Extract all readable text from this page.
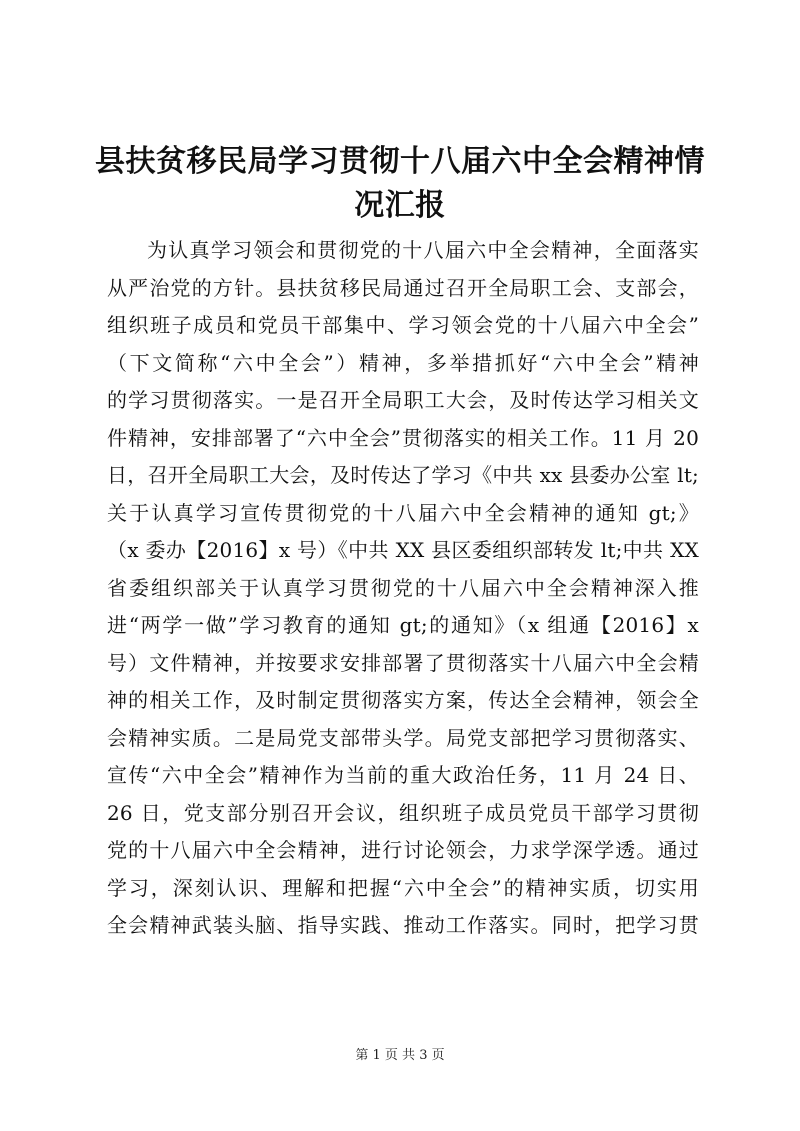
县扶贫移民局学习贯彻十八届六中全会精神情
况汇报
为认真学习领会和贯彻党的十八届六中全会精神，全面落实
从严治党的方针。县扶贫移民局通过召开全局职工会、支部会，
组织班子成员和党员干部集中、学习领会党的十八届六中全会”
（下文简称“六中全会”）精神，多举措抓好“六中全会”精神
的学习贯彻落实。一是召开全局职工大会，及时传达学习相关文
件精神，安排部署了“六中全会”贯彻落实的相关工作。11 月 20
日，召开全局职工大会，及时传达了学习《中共 xx 县委办公室 lt;
关于认真学习宣传贯彻党的十八届六中全会精神的通知 gt;》
（x 委办【2016】x 号）《中共 XX 县区委组织部转发 lt;中共 XX
省委组织部关于认真学习贯彻党的十八届六中全会精神深入推
进“两学一做”学习教育的通知 gt;的通知》（x 组通【2016】x
号）文件精神，并按要求安排部署了贯彻落实十八届六中全会精
神的相关工作，及时制定贯彻落实方案，传达全会精神，领会全
会精神实质。二是局党支部带头学。局党支部把学习贯彻落实、
宣传“六中全会”精神作为当前的重大政治任务，11 月 24 日、
26 日，党支部分别召开会议，组织班子成员党员干部学习贯彻
党的十八届六中全会精神，进行讨论领会，力求学深学透。通过
学习，深刻认识、理解和把握“六中全会”的精神实质，切实用
全会精神武装头脑、指导实践、推动工作落实。同时，把学习贯
第 1 页 共 3 页
